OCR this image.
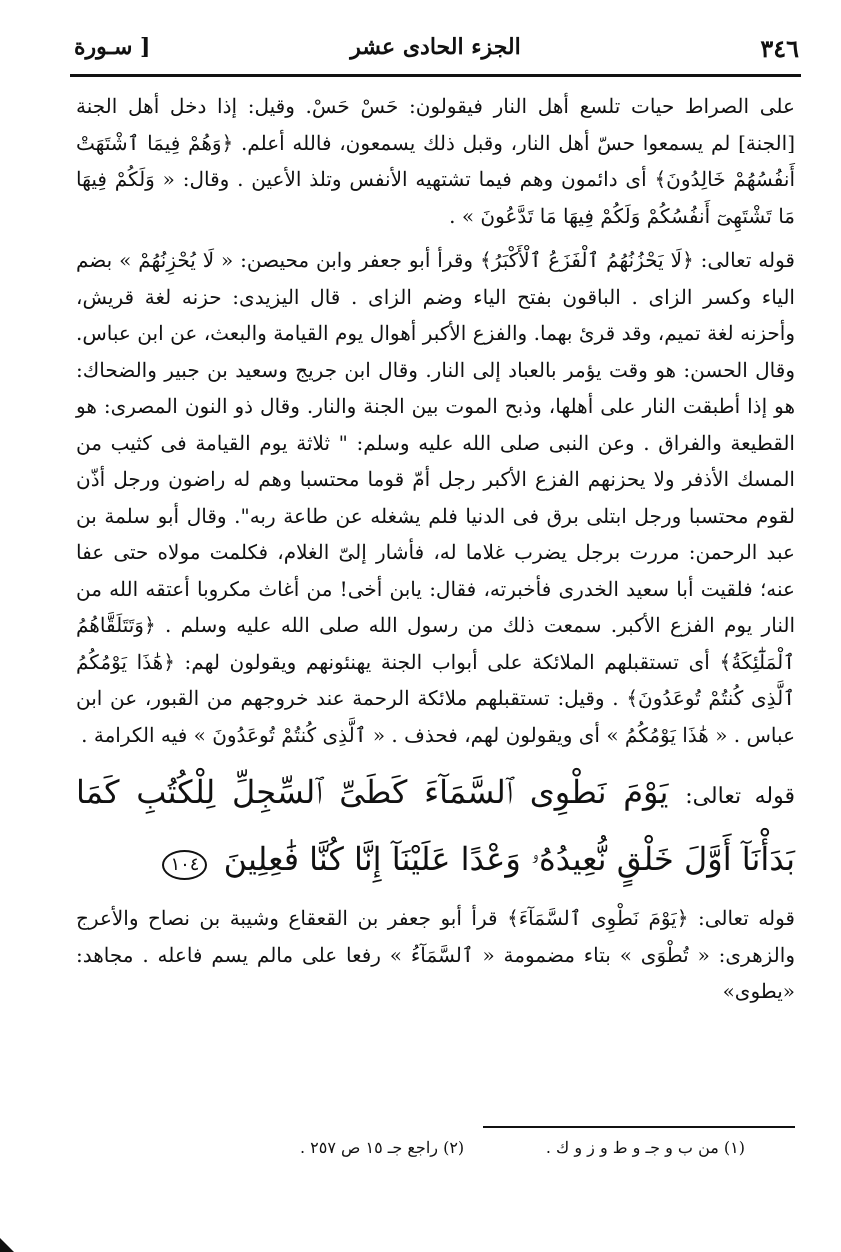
٣٤٦
الجزء الحادى عشر
[ سـورة

على الصراط حيات تلسع أهل النار فيقولون: حَسْ حَسْ. وقيل: إذا دخل أهل الجنة [الجنة] لم يسمعوا حسّ أهل النار، وقبل ذلك يسمعون، فالله أعلم. ﴿وَهُمْ فِيمَا ٱشْتَهَتْ أَنفُسُهُمْ خَالِدُونَ﴾ أى دائمون وهم فيما تشتهيه الأنفس وتلذ الأعين . وقال: « وَلَكُمْ فِيهَا مَا تَشْتَهِىٓ أَنفُسُكُمْ وَلَكُمْ فِيهَا مَا تَدَّعُونَ » .

قوله تعالى: ﴿لَا يَحْزُنُهُمُ ٱلْفَزَعُ ٱلْأَكْبَرُ﴾ وقرأ أبو جعفر وابن محيصن: « لَا يُحْزِنُهُمْ » بضم الياء وكسر الزاى . الباقون بفتح الياء وضم الزاى . قال اليزيدى: حزنه لغة قريش، وأحزنه لغة تميم، وقد قرئ بهما. والفزع الأكبر أهوال يوم القيامة والبعث، عن ابن عباس. وقال الحسن: هو وقت يؤمر بالعباد إلى النار. وقال ابن جريج وسعيد بن جبير والضحاك: هو إذا أطبقت النار على أهلها، وذبح الموت بين الجنة والنار. وقال ذو النون المصرى: هو القطيعة والفراق . وعن النبى صلى الله عليه وسلم: " ثلاثة يوم القيامة فى كثيب من المسك الأذفر ولا يحزنهم الفزع الأكبر رجل أمّ قوما محتسبا وهم له راضون ورجل أذّن لقوم محتسبا ورجل ابتلى برق فى الدنيا فلم يشغله عن طاعة ربه". وقال أبو سلمة بن عبد الرحمن: مررت برجل يضرب غلاما له، فأشار إلىّ الغلام، فكلمت مولاه حتى عفا عنه؛ فلقيت أبا سعيد الخدرى فأخبرته، فقال: يابن أخى! من أغاث مكروبا أعتقه الله من النار يوم الفزع الأكبر. سمعت ذلك من رسول الله صلى الله عليه وسلم . ﴿وَتَتَلَقَّاهُمُ ٱلْمَلَٰٓئِكَةُ﴾ أى تستقبلهم الملائكة على أبواب الجنة يهنئونهم ويقولون لهم: ﴿هَٰذَا يَوْمُكُمُ ٱلَّذِى كُنتُمْ تُوعَدُونَ﴾ . وقيل: تستقبلهم ملائكة الرحمة عند خروجهم من القبور، عن ابن عباس . « هَٰذَا يَوْمُكُمُ » أى ويقولون لهم، فحذف . « ٱلَّذِى كُنتُمْ تُوعَدُونَ » فيه الكرامة .

قوله تعالى: يَوْمَ نَطْوِى ٱلسَّمَآءَ كَطَىِّ ٱلسِّجِلِّ لِلْكُتُبِ كَمَا بَدَأْنَآ أَوَّلَ خَلْقٍ نُّعِيدُهُۥ وَعْدًا عَلَيْنَآ إِنَّا كُنَّا فَٰعِلِينَ ١٠٤

قوله تعالى: ﴿يَوْمَ نَطْوِى ٱلسَّمَآءَ﴾ قرأ أبو جعفر بن القعقاع وشيبة بن نصاح والأعرج والزهرى: « تُطْوَى » بتاء مضمومة « ٱلسَّمَآءُ » رفعا على مالم يسم فاعله . مجاهد: «يطوى»

(١) من ب و جـ و ط و ز و ك .
(٢) راجع جـ ١٥ ص ٢٥٧ .
